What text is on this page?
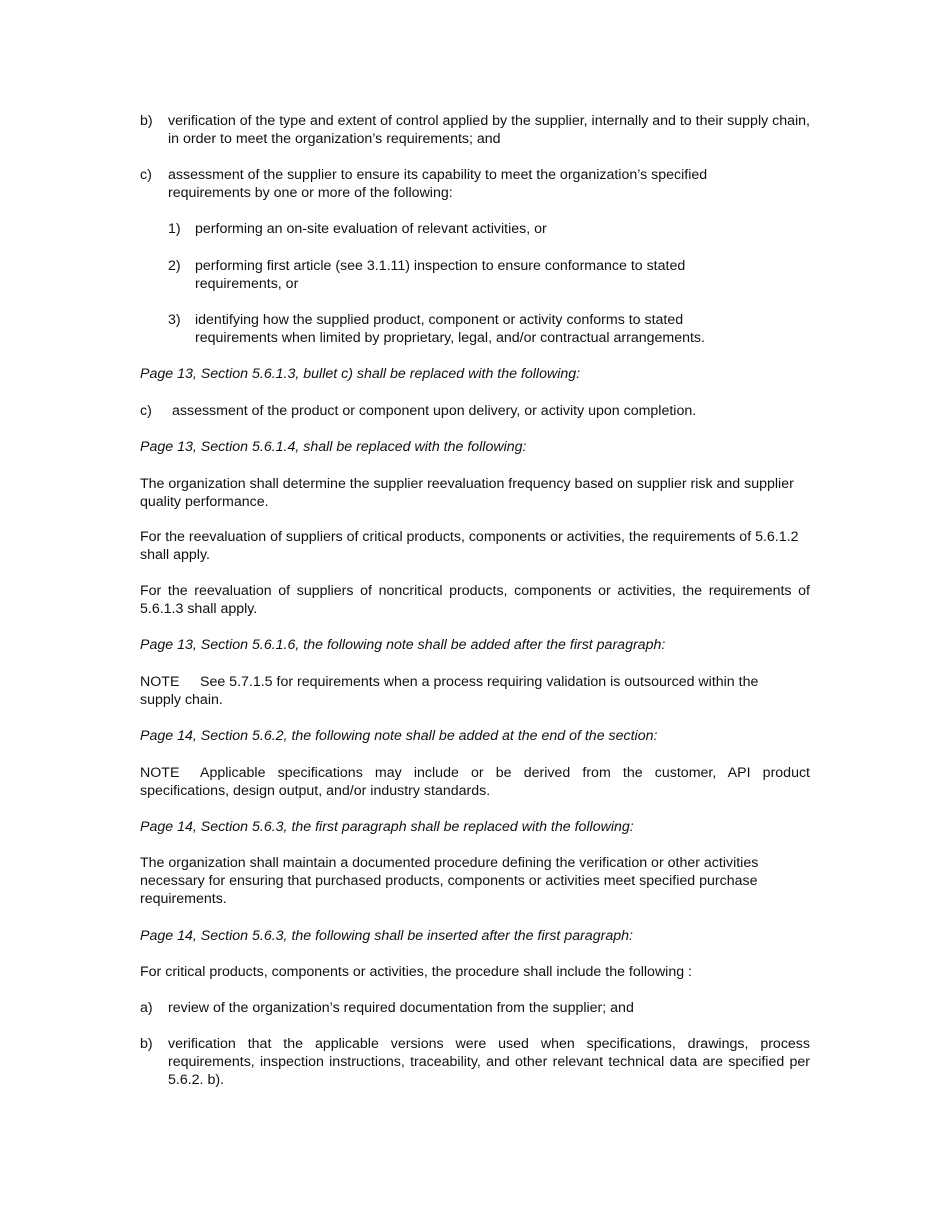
b) verification of the type and extent of control applied by the supplier, internally and to their supply chain, in order to meet the organization’s requirements; and
c) assessment of the supplier to ensure its capability to meet the organization’s specified requirements by one or more of the following:
1) performing an on-site evaluation of relevant activities, or
2) performing first article (see 3.1.11) inspection to ensure conformance to stated requirements, or
3) identifying how the supplied product, component or activity conforms to stated requirements when limited by proprietary, legal, and/or contractual arrangements.

Page 13, Section 5.6.1.3, bullet c) shall be replaced with the following:

c) assessment of the product or component upon delivery, or activity upon completion.

Page 13, Section 5.6.1.4, shall be replaced with the following:

The organization shall determine the supplier reevaluation frequency based on supplier risk and supplier quality performance.

For the reevaluation of suppliers of critical products, components or activities, the requirements of 5.6.1.2 shall apply.

For the reevaluation of suppliers of noncritical products, components or activities, the requirements of 5.6.1.3 shall apply.

Page 13, Section 5.6.1.6, the following note shall be added after the first paragraph:

NOTE See 5.7.1.5 for requirements when a process requiring validation is outsourced within the supply chain.

Page 14, Section 5.6.2, the following note shall be added at the end of the section:

NOTE Applicable specifications may include or be derived from the customer, API product specifications, design output, and/or industry standards.

Page 14, Section 5.6.3, the first paragraph shall be replaced with the following:

The organization shall maintain a documented procedure defining the verification or other activities necessary for ensuring that purchased products, components or activities meet specified purchase requirements.

Page 14, Section 5.6.3, the following shall be inserted after the first paragraph:

For critical products, components or activities, the procedure shall include the following :

a) review of the organization’s required documentation from the supplier; and
b) verification that the applicable versions were used when specifications, drawings, process requirements, inspection instructions, traceability, and other relevant technical data are specified per 5.6.2. b).
